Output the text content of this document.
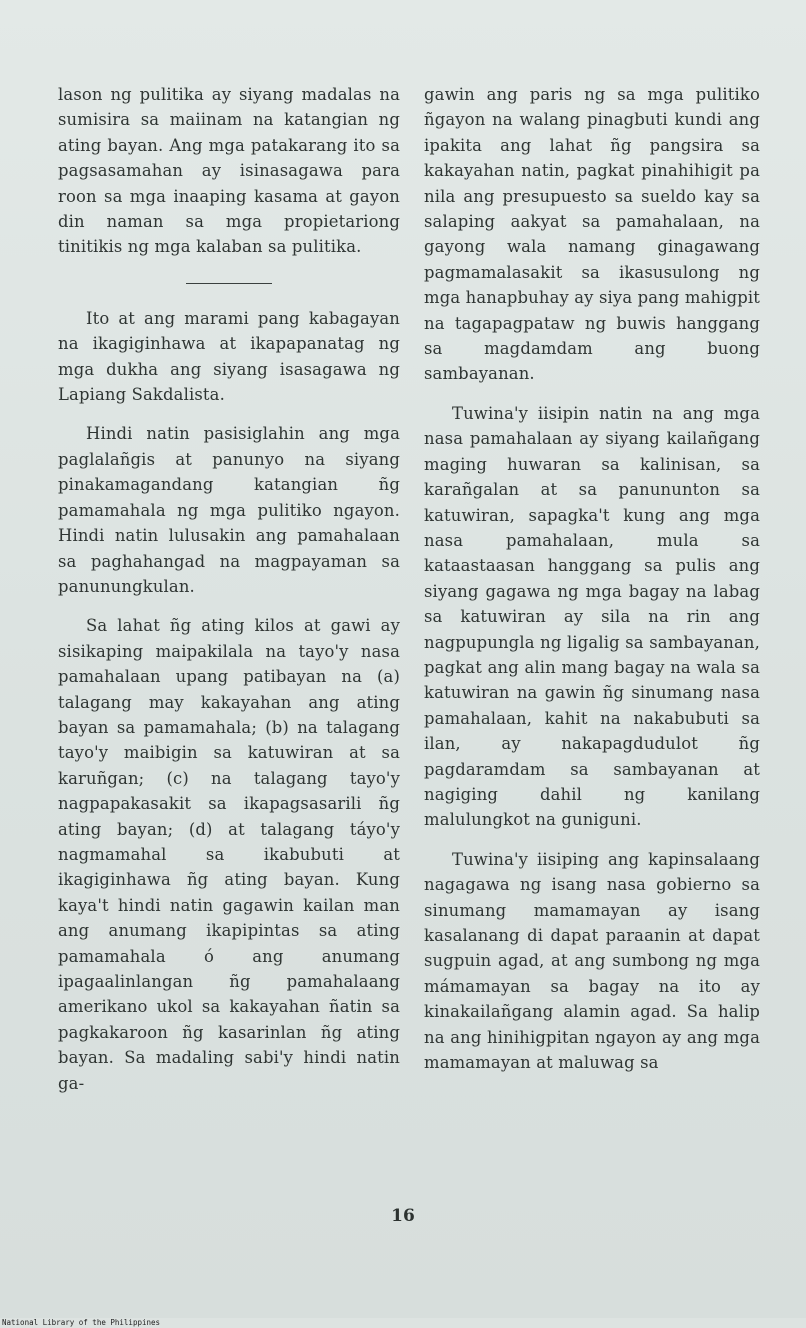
lason ng pulitika ay siyang madalas na sumisira sa maiinam na katangian ng ating bayan. Ang mga patakarang ito sa pagsasamahan ay isinasagawa para roon sa mga inaaping kasama at gayon din naman sa mga propietariong tinitikis ng mga kalaban sa pulitika.

Ito at ang marami pang kabagayan na ikagiginhawa at ikapapanatag ng mga dukha ang siyang isasagawa ng Lapiang Sakdalista.

Hindi natin pasisiglahin ang mga paglalañgis at panunyo na siyang pinakamagandang katangian ñg pamamahala ng mga pulitiko ngayon. Hindi natin lulusakin ang pamahalaan sa paghahangad na magpayaman sa panunungkulan.

Sa lahat ñg ating kilos at gawi ay sisikaping maipakilala na tayo'y nasa pamahalaan upang patibayan na (a) talagang may kakayahan ang ating bayan sa pamamahala; (b) na talagang tayo'y maibigin sa katuwiran at sa karuñgan; (c) na talagang tayo'y nagpapakasakit sa ikapagsasarili ñg ating bayan; (d) at talagang táyo'y nagmamahal sa ikabubuti at ikagiginhawa ñg ating bayan. Kung kaya't hindi natin gagawin kailan man ang anumang ikapipintas sa ating pamamahala ó ang anumang ipagaalinlangan ñg pamahalaang amerikano ukol sa kakayahan ñatin sa pagkakaroon ñg kasarinlan ñg ating bayan. Sa madaling sabi'y hindi natin ga-

gawin ang paris ng sa mga pulitiko ñgayon na walang pinagbuti kundi ang ipakita ang lahat ñg pangsira sa kakayahan natin, pagkat pinahihigit pa nila ang presupuesto sa sueldo kay sa salaping aakyat sa pamahalaan, na gayong wala namang ginagawang pagmamalasakit sa ikasusulong ng mga hanapbuhay ay siya pang mahigpit na tagapagpataw ng buwis hanggang sa magdamdam ang buong sambayanan.

Tuwina'y iisipin natin na ang mga nasa pamahalaan ay siyang kailañgang maging huwaran sa kalinisan, sa karañgalan at sa panununton sa katuwiran, sapagka't kung ang mga nasa pamahalaan, mula sa kataastaasan hanggang sa pulis ang siyang gagawa ng mga bagay na labag sa katuwiran ay sila na rin ang nagpupungla ng ligalig sa sambayanan, pagkat ang alin mang bagay na wala sa katuwiran na gawin ñg sinumang nasa pamahalaan, kahit na nakabubuti sa ilan, ay nakapagdudulot ñg pagdaramdam sa sambayanan at nagiging dahil ng kanilang malulungkot na guniguni.

Tuwina'y iisiping ang kapinsalaang nagagawa ng isang nasa gobierno sa sinumang mamamayan ay isang kasalanang di dapat paraanin at dapat sugpuin agad, at ang sumbong ng mga mámamayan sa bagay na ito ay kinakailañgang alamin agad. Sa halip na ang hinihigpitan ngayon ay ang mga mamamayan at maluwag sa

16
National Library of the Philippines
